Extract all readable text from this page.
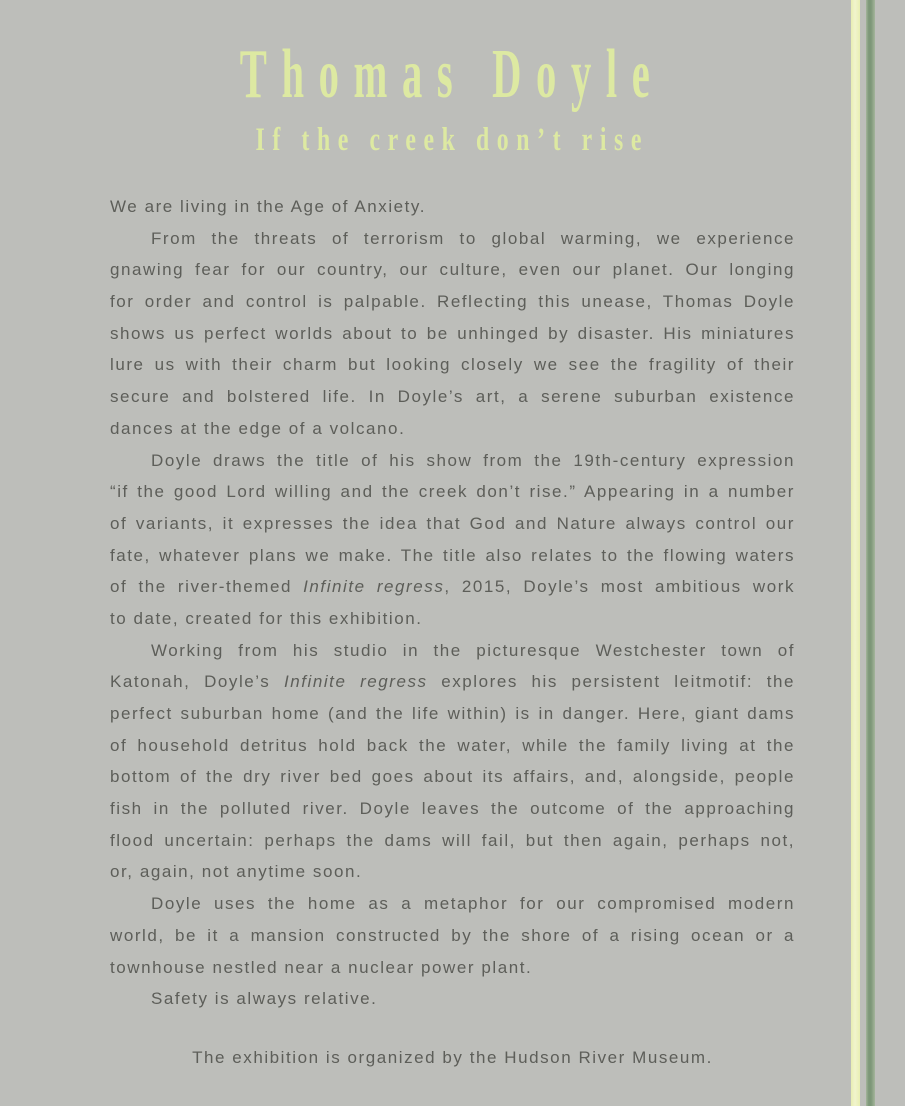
Thomas Doyle
If the creek don’t rise
We are living in the Age of Anxiety.
From the threats of terrorism to global warming, we experience
gnawing fear for our country, our culture, even our planet. Our longing
for order and control is palpable. Reflecting this unease, Thomas Doyle
shows us perfect worlds about to be unhinged by disaster. His miniatures
lure us with their charm but looking closely we see the fragility of their
secure and bolstered life. In Doyle’s art, a serene suburban existence
dances at the edge of a volcano.
Doyle draws the title of his show from the 19th-century expression
“if the good Lord willing and the creek don’t rise.” Appearing in a number
of variants, it expresses the idea that God and Nature always control our
fate, whatever plans we make. The title also relates to the flowing waters
of the river-themed Infinite regress, 2015, Doyle’s most ambitious work
to date, created for this exhibition.
Working from his studio in the picturesque Westchester town of
Katonah, Doyle’s Infinite regress explores his persistent leitmotif: the
perfect suburban home (and the life within) is in danger. Here, giant dams
of household detritus hold back the water, while the family living at the
bottom of the dry river bed goes about its affairs, and, alongside, people
fish in the polluted river. Doyle leaves the outcome of the approaching
flood uncertain: perhaps the dams will fail, but then again, perhaps not,
or, again, not anytime soon.
Doyle uses the home as a metaphor for our compromised modern
world, be it a mansion constructed by the shore of a rising ocean or a
townhouse nestled near a nuclear power plant.
Safety is always relative.
The exhibition is organized by the Hudson River Museum.
